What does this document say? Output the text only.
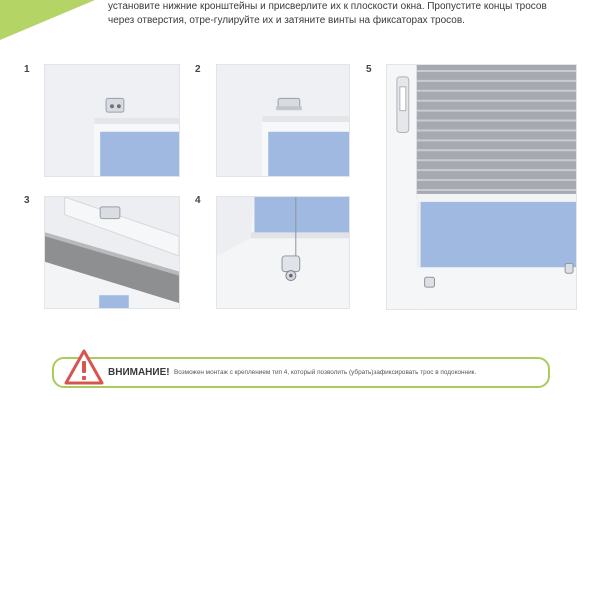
установите нижние кронштейны и присверлите их к плоскости окна. Пропустите концы тросов

через отверстия, отре-гулируйте их и затяните винты на фиксаторах тросов.

1	2	5
3	4
ВНИМАНИЕ! Возможен монтаж с креплением тип 4, который позволить (убрать)зафиксировать трос в подоконник.
